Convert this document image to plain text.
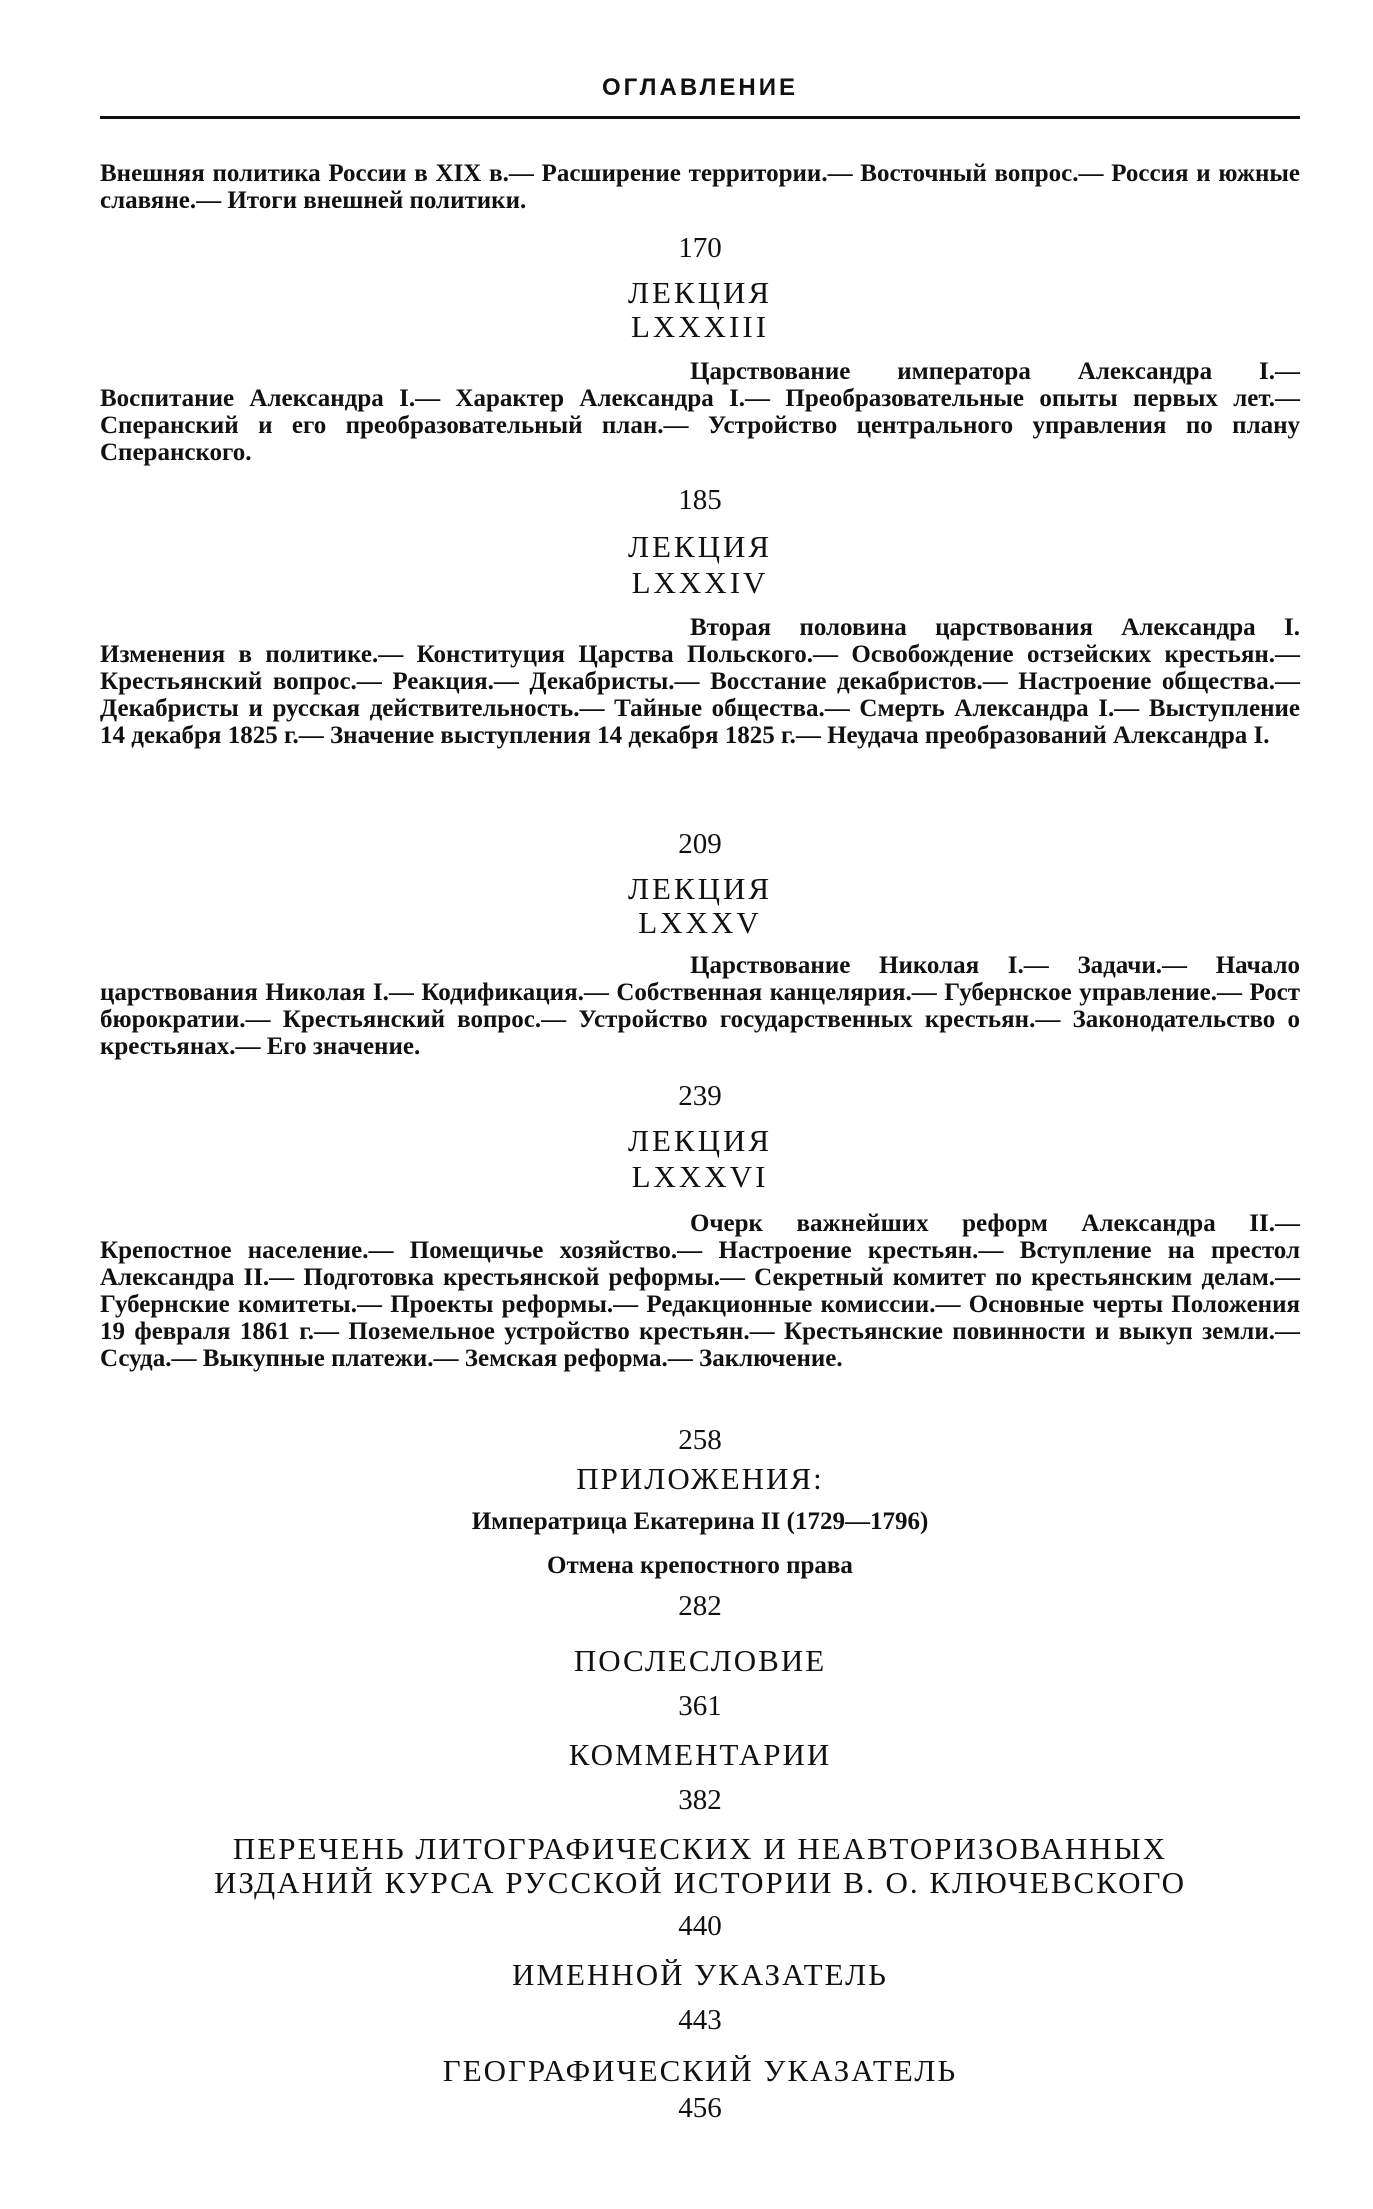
ОГЛАВЛЕНИЕ

Внешняя политика России в XIX в.— Расширение территории.— Восточный вопрос.— Россия и южные славяне.— Итоги внешней политики.

170
ЛЕКЦИЯ
LXXXIII

Царствование императора Александра I.— Воспитание Александра I.— Характер Александра I.— Преобразовательные опыты первых лет.— Сперанский и его преобразовательный план.— Устройство центрального управления по плану Сперанского.

185
ЛЕКЦИЯ
LXXXIV

Вторая половина царствования Александра I. Изменения в политике.— Конституция Царства Польского.— Освобождение остзейских крестьян.— Крестьянский вопрос.— Реакция.— Декабристы.— Восстание декабристов.— Настроение общества.— Декабристы и русская действительность.— Тайные общества.— Смерть Александра I.— Выступление 14 декабря 1825 г.— Значение выступления 14 декабря 1825 г.— Неудача преобразований Александра I.

209
ЛЕКЦИЯ
LXXXV

Царствование Николая I.— Задачи.— Начало царствования Николая I.— Кодификация.— Собственная канцелярия.— Губернское управление.— Рост бюрократии.— Крестьянский вопрос.— Устройство государственных крестьян.— Законодательство о крестьянах.— Его значение.

239
ЛЕКЦИЯ
LXXXVI

Очерк важнейших реформ Александра II.— Крепостное население.— Помещичье хозяйство.— Настроение крестьян.— Вступление на престол Александра II.— Подготовка крестьянской реформы.— Секретный комитет по крестьянским делам.— Губернские комитеты.— Проекты реформы.— Редакционные комиссии.— Основные черты Положения 19 февраля 1861 г.— Поземельное устройство крестьян.— Крестьянские повинности и выкуп земли.— Ссуда.— Выкупные платежи.— Земская реформа.— Заключение.

258
ПРИЛОЖЕНИЯ:
Императрица Екатерина II (1729—1796)
Отмена крепостного права
282
ПОСЛЕСЛОВИЕ
361
КОММЕНТАРИИ
382
ПЕРЕЧЕНЬ ЛИТОГРАФИЧЕСКИХ И НЕАВТОРИЗОВАННЫХ
ИЗДАНИЙ КУРСА РУССКОЙ ИСТОРИИ В. О. КЛЮЧЕВСКОГО
440
ИМЕННОЙ УКАЗАТЕЛЬ
443
ГЕОГРАФИЧЕСКИЙ УКАЗАТЕЛЬ
456
